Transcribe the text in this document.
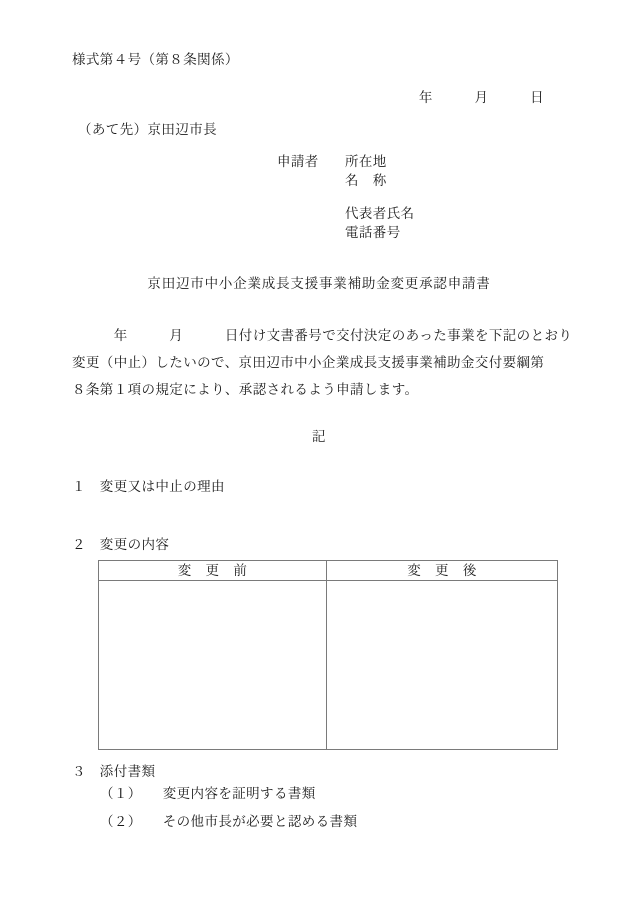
様式第４号（第８条関係）
年　　　月　　　日
（あて先）京田辺市長
申請者	所在地
名　称
代表者氏名
電話番号
京田辺市中小企業成長支援事業補助金変更承認申請書
　　　年　　　月　　　日付け文書番号で交付決定のあった事業を下記のとおり
変更（中止）したいので、京田辺市中小企業成長支援事業補助金交付要綱第
８条第１項の規定により、承認されるよう申請します。
記
１　変更又は中止の理由
２　変更の内容
変　更　前	変　更　後

３　添付書類
（１）　　変更内容を証明する書類
（２）　　その他市長が必要と認める書類
